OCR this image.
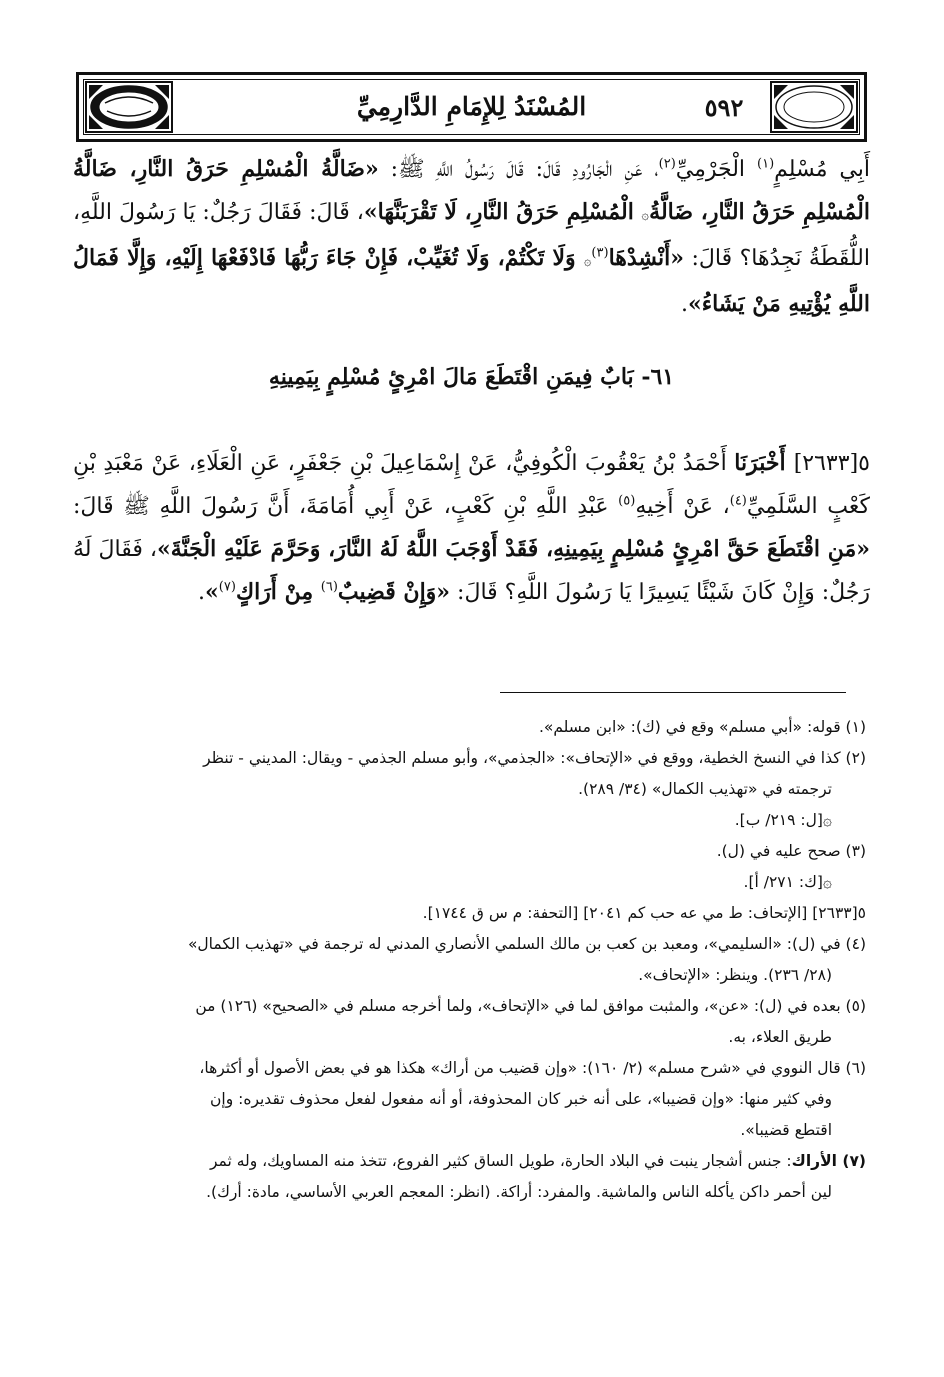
٥٩٢
المُسْنَدُ لِلإِمَامِ الدَّارِمِيِّ

أَبِي مُسْلِمٍ$^{(١)}$ الْجَرْمِيِّ$^{(٢)}$، عَنِ الْجَارُودِ قَالَ: قَالَ رَسُولُ اللَّهِ ﷺ: «ضَالَّةُ الْمُسْلِمِ حَرَقُ النَّارِ، ضَالَّةُ الْمُسْلِمِ حَرَقُ النَّارِ، ضَالَّةُ۞ الْمُسْلِمِ حَرَقُ النَّارِ، لَا تَقْرَبَنَّهَا»، قَالَ: فَقَالَ رَجُلٌ: يَا رَسُولَ اللَّهِ، اللُّقَطَةُ نَجِدُهَا؟ قَالَ: «أَنْشِدْهَا$^{(٣)}$۞ وَلَا تَكْتُمْ، وَلَا تُغَيِّبْ، فَإِنْ جَاءَ رَبُّهَا فَادْفَعْهَا إِلَيْهِ، وَإِلَّا فَمَالُ اللَّهِ يُؤْتِيهِ مَنْ يَشَاءُ».

٦١- بَابٌ فِيمَنِ اقْتَطَعَ مَالَ امْرِئٍ مُسْلِمٍ بِيَمِينِهِ

٥[٢٦٣٣] أَخْبَرَنَا أَحْمَدُ بْنُ يَعْقُوبَ الْكُوفِيُّ، عَنْ إِسْمَاعِيلَ بْنِ جَعْفَرٍ، عَنِ الْعَلَاءِ، عَنْ مَعْبَدِ بْنِ كَعْبٍ السَّلَمِيِّ$^{(٤)}$، عَنْ أَخِيهِ$^{(٥)}$ عَبْدِ اللَّهِ بْنِ كَعْبٍ، عَنْ أَبِي أُمَامَةَ، أَنَّ رَسُولَ اللَّهِ ﷺ قَالَ: «مَنِ اقْتَطَعَ حَقَّ امْرِئٍ مُسْلِمٍ بِيَمِينِهِ، فَقَدْ أَوْجَبَ اللَّهُ لَهُ النَّارَ، وَحَرَّمَ عَلَيْهِ الْجَنَّةَ»، فَقَالَ لَهُ رَجُلٌ: وَإِنْ كَانَ شَيْئًا يَسِيرًا يَا رَسُولَ اللَّهِ؟ قَالَ: «وَإِنْ قَضِيبٌ$^{(٦)}$ مِنْ أَرَاكٍ$^{(٧)}$».

(١) قوله: «أبي مسلم» وقع في (ك): «ابن مسلم».
(٢) كذا في النسخ الخطية، ووقع في «الإتحاف»: «الجذمي»، وأبو مسلم الجذمي - ويقال: المديني - تنظر
ترجمته في «تهذيب الكمال» (٣٤/ ٢٨٩).
۞[ل: ٢١٩/ ب].
(٣) صحح عليه في (ل).
۞[ك: ٢٧١/ أ].
٥[٢٦٣٣] [الإتحاف: ط مي عه حب كم ٢٠٤١] [التحفة: م س ق ١٧٤٤].
(٤) في (ل): «السليمي»، ومعبد بن كعب بن مالك السلمي الأنصاري المدني له ترجمة في «تهذيب الكمال»
(٢٨/ ٢٣٦). وينظر: «الإتحاف».
(٥) بعده في (ل): «عن»، والمثبت موافق لما في «الإتحاف»، ولما أخرجه مسلم في «الصحيح» (١٢٦) من
طريق العلاء، به.
(٦) قال النووي في «شرح مسلم» (٢/ ١٦٠): «وإن قضيب من أراك» هكذا هو في بعض الأصول أو أكثرها،
وفي كثير منها: «وإن قضيبا»، على أنه خبر كان المحذوفة، أو أنه مفعول لفعل محذوف تقديره: وإن
اقتطع قضيبا».
(٧) الأراك: جنس أشجار ينبت في البلاد الحارة، طويل الساق كثير الفروع، تتخذ منه المساويك، وله ثمر
لين أحمر داكن يأكله الناس والماشية. والمفرد: أراكة. (انظر: المعجم العربي الأساسي، مادة: أرك).
